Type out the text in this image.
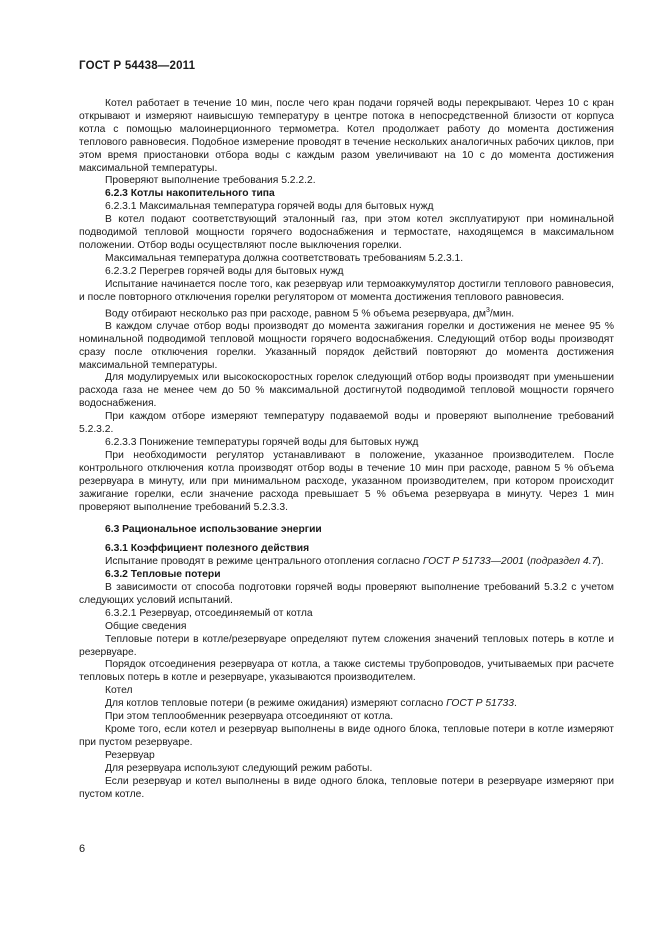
ГОСТ Р 54438—2011

Котел работает в течение 10 мин, после чего кран подачи горячей воды перекрывают. Через 10 с кран открывают и измеряют наивысшую температуру в центре потока в непосредственной близости от корпуса котла с помощью малоинерционного термометра. Котел продолжает работу до момента достижения теплового равновесия. Подобное измерение проводят в течение нескольких аналогичных рабочих циклов, при этом время приостановки отбора воды с каждым разом увеличивают на 10 с до момента достижения максимальной температуры.

Проверяют выполнение требования 5.2.2.2.

6.2.3 Котлы накопительного типа

6.2.3.1 Максимальная температура горячей воды для бытовых нужд

В котел подают соответствующий эталонный газ, при этом котел эксплуатируют при номинальной подводимой тепловой мощности горячего водоснабжения и термостате, находящемся в максимальном положении. Отбор воды осуществляют после выключения горелки.

Максимальная температура должна соответствовать требованиям 5.2.3.1.

6.2.3.2 Перегрев горячей воды для бытовых нужд

Испытание начинается после того, как резервуар или термоаккумулятор достигли теплового равновесия, и после повторного отключения горелки регулятором от момента достижения теплового равновесия.

Воду отбирают несколько раз при расходе, равном 5 % объема резервуара, $дм^3$/мин.

В каждом случае отбор воды производят до момента зажигания горелки и достижения не менее 95 % номинальной подводимой тепловой мощности горячего водоснабжения. Следующий отбор воды производят сразу после отключения горелки. Указанный порядок действий повторяют до момента достижения максимальной температуры.

Для модулируемых или высокоскоростных горелок следующий отбор воды производят при уменьшении расхода газа не менее чем до 50 % максимальной достигнутой подводимой тепловой мощности горячего водоснабжения.

При каждом отборе измеряют температуру подаваемой воды и проверяют выполнение требований 5.2.3.2.

6.2.3.3 Понижение температуры горячей воды для бытовых нужд

При необходимости регулятор устанавливают в положение, указанное производителем. После контрольного отключения котла производят отбор воды в течение 10 мин при расходе, равном 5 % объема резервуара в минуту, или при минимальном расходе, указанном производителем, при котором происходит зажигание горелки, если значение расхода превышает 5 % объема резервуара в минуту. Через 1 мин проверяют выполнение требований 5.2.3.3.

6.3 Рациональное использование энергии

6.3.1 Коэффициент полезного действия

Испытание проводят в режиме центрального отопления согласно ГОСТ Р 51733—2001 (подраздел 4.7).

6.3.2 Тепловые потери

В зависимости от способа подготовки горячей воды проверяют выполнение требований 5.3.2 с учетом следующих условий испытаний.

6.3.2.1 Резервуар, отсоединяемый от котла

Общие сведения

Тепловые потери в котле/резервуаре определяют путем сложения значений тепловых потерь в котле и резервуаре.

Порядок отсоединения резервуара от котла, а также системы трубопроводов, учитываемых при расчете тепловых потерь в котле и резервуаре, указываются производителем.

Котел

Для котлов тепловые потери (в режиме ожидания) измеряют согласно ГОСТ Р 51733.

При этом теплообменник резервуара отсоединяют от котла.

Кроме того, если котел и резервуар выполнены в виде одного блока, тепловые потери в котле измеряют при пустом резервуаре.

Резервуар

Для резервуара используют следующий режим работы.

Если резервуар и котел выполнены в виде одного блока, тепловые потери в резервуаре измеряют при пустом котле.

6
